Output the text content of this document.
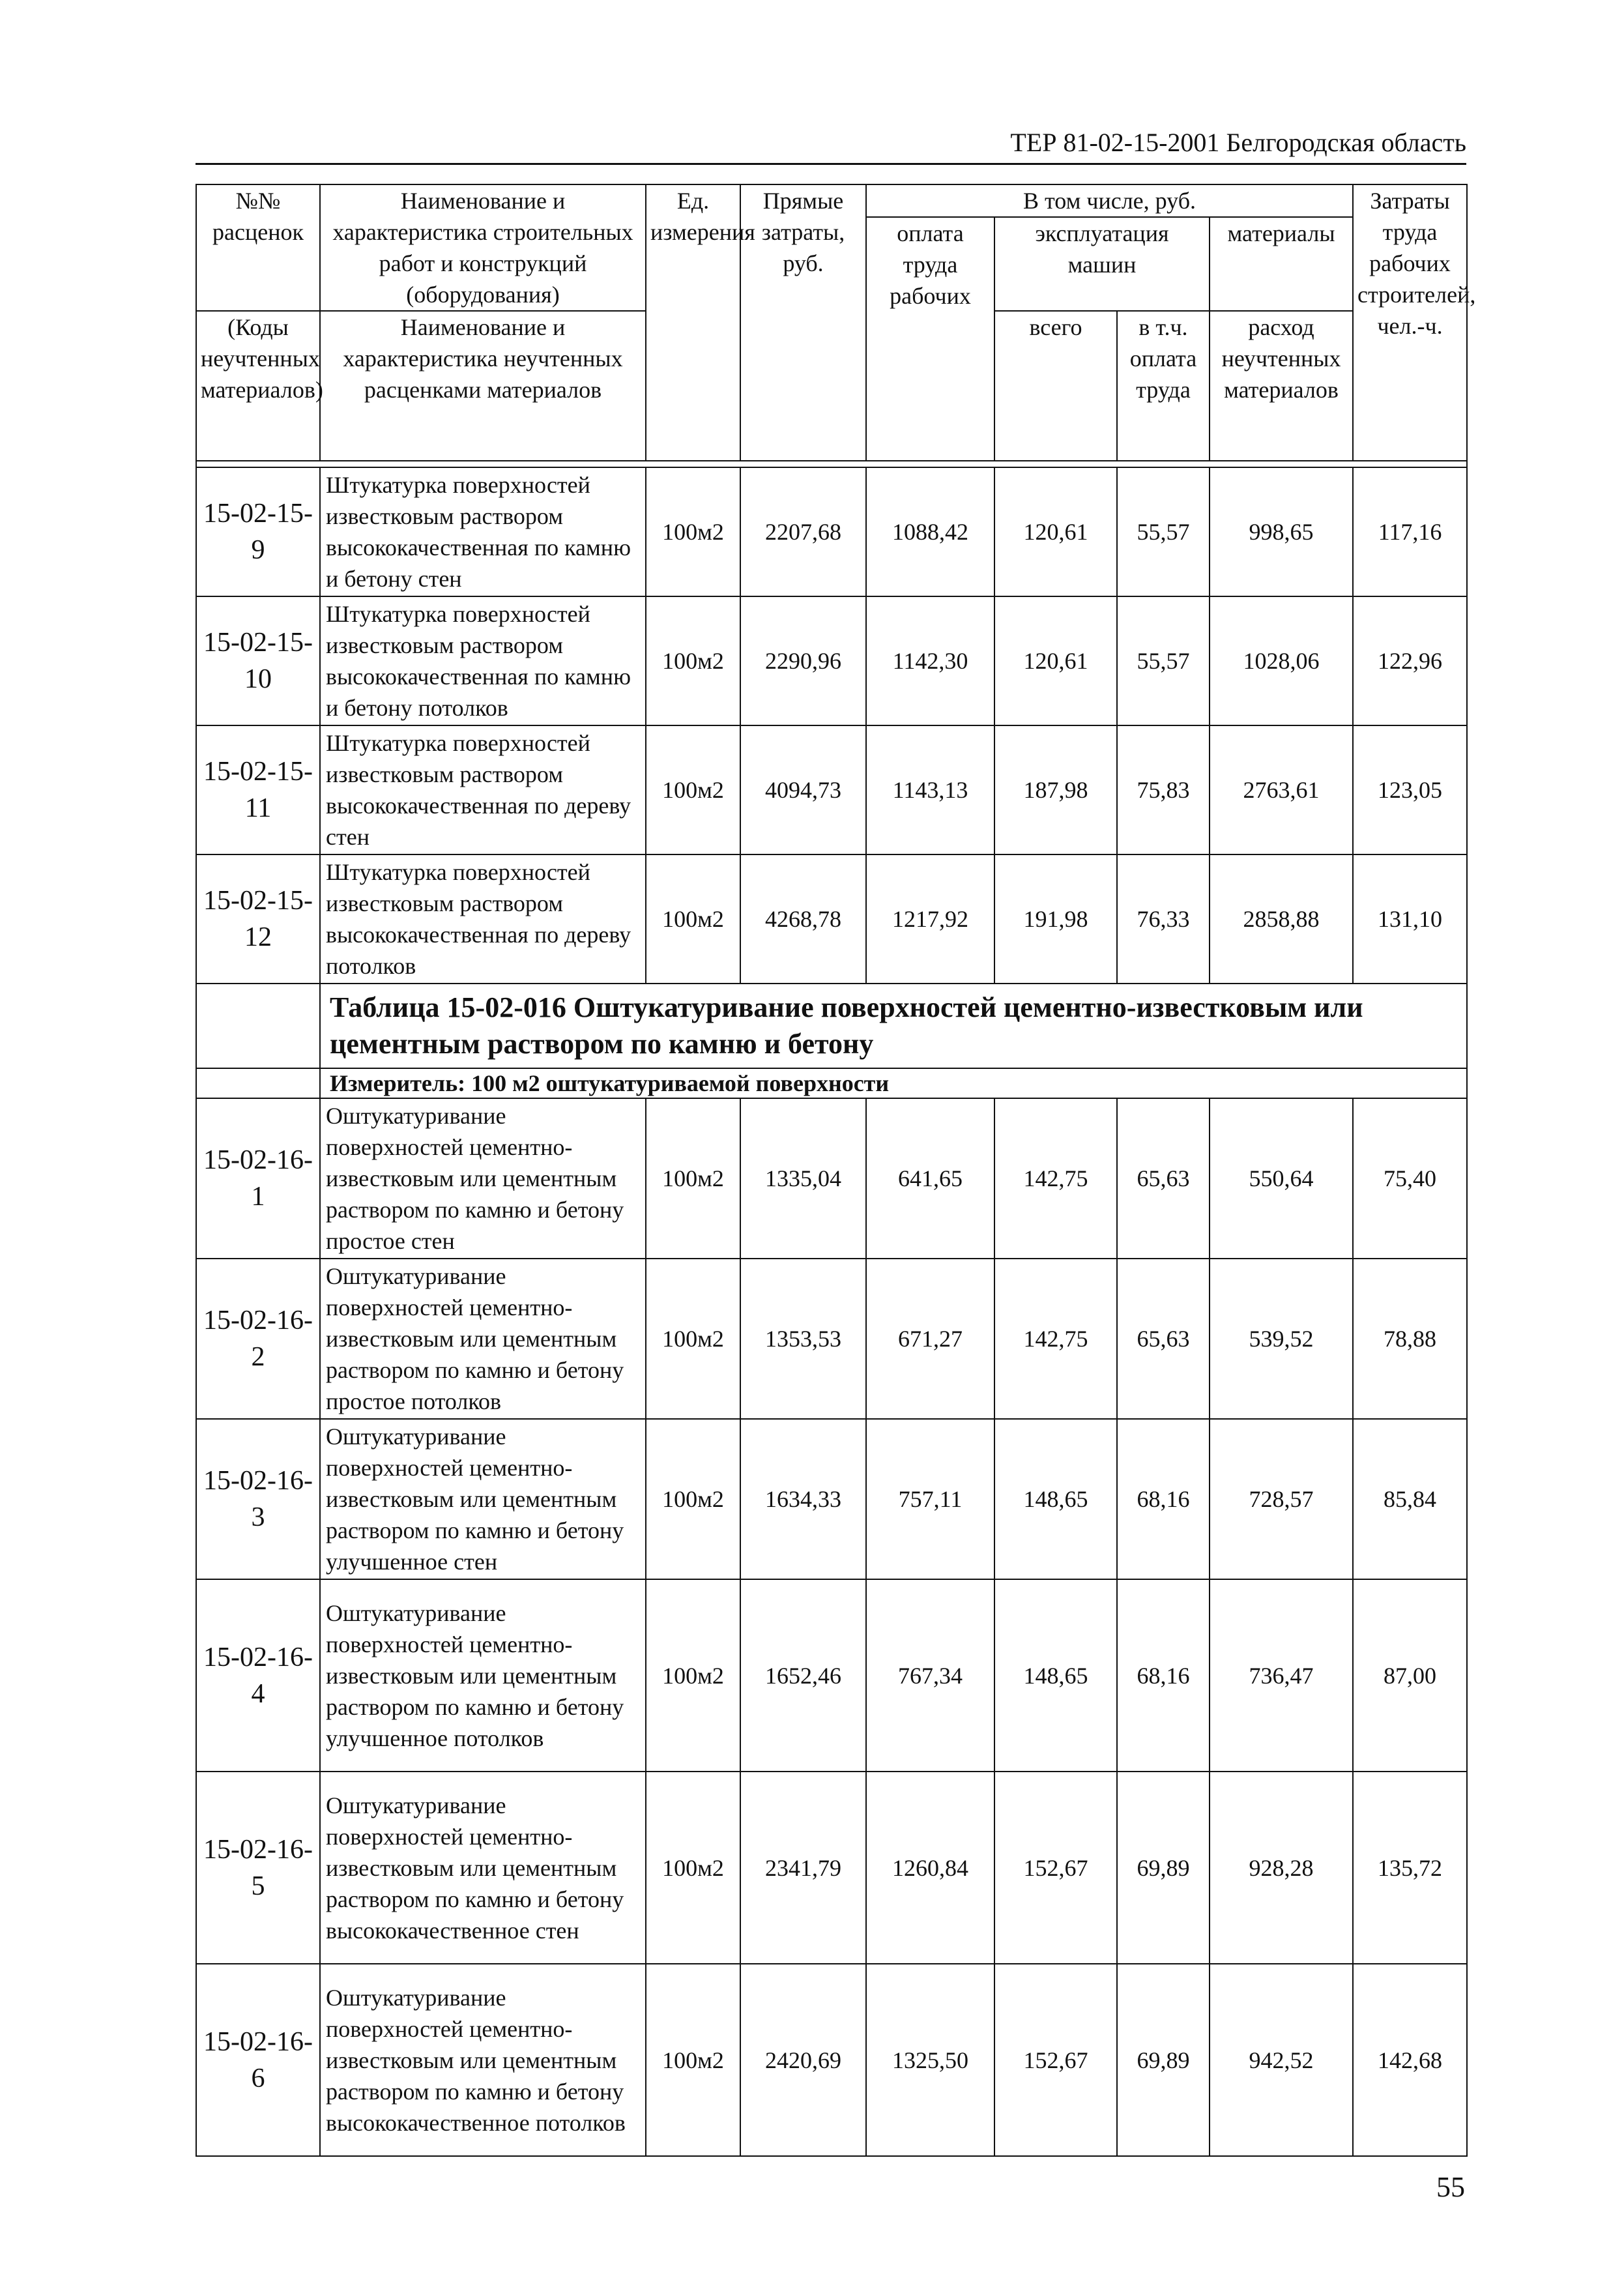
ТЕР 81-02-15-2001 Белгородская область
№№ расценок	Наименование и характеристика строительных работ и конструкций (оборудования)	Ед. измерения	Прямые затраты, руб.	В том числе, руб.				Затраты труда рабочих строителей, чел.-ч.
				оплата труда рабочих	эксплуатация машин		материалы	
(Коды неучтенных материалов)	Наименование и характеристика неучтенных расценками материалов				всего	в т.ч. оплата труда	расход неучтенных материалов	

15-02-15-9	Штукатурка поверхностей известковым раствором высококачественная по камню и бетону стен	100м2	2207,68	1088,42	120,61	55,57	998,65	117,16
15-02-15-10	Штукатурка поверхностей известковым раствором высококачественная по камню и бетону потолков	100м2	2290,96	1142,30	120,61	55,57	1028,06	122,96
15-02-15-11	Штукатурка поверхностей известковым раствором высококачественная по дереву стен	100м2	4094,73	1143,13	187,98	75,83	2763,61	123,05
15-02-15-12	Штукатурка поверхностей известковым раствором высококачественная по дереву потолков	100м2	4268,78	1217,92	191,98	76,33	2858,88	131,10
	Таблица 15-02-016 Оштукатуривание поверхностей цементно-известковым или цементным раствором по камню и бетону							
	Измеритель: 100 м2 оштукатуриваемой поверхности							
15-02-16-1	Оштукатуривание поверхностей цементно-известковым или цементным раствором по камню и бетону простое стен	100м2	1335,04	641,65	142,75	65,63	550,64	75,40
15-02-16-2	Оштукатуривание поверхностей цементно-известковым или цементным раствором по камню и бетону простое потолков	100м2	1353,53	671,27	142,75	65,63	539,52	78,88
15-02-16-3	Оштукатуривание поверхностей цементно-известковым или цементным раствором по камню и бетону улучшенное стен	100м2	1634,33	757,11	148,65	68,16	728,57	85,84
15-02-16-4	Оштукатуривание поверхностей цементно-известковым или цементным раствором по камню и бетону улучшенное потолков	100м2	1652,46	767,34	148,65	68,16	736,47	87,00
15-02-16-5	Оштукатуривание поверхностей цементно-известковым или цементным раствором по камню и бетону высококачественное стен	100м2	2341,79	1260,84	152,67	69,89	928,28	135,72
15-02-16-6	Оштукатуривание поверхностей цементно-известковым или цементным раствором по камню и бетону высококачественное потолков	100м2	2420,69	1325,50	152,67	69,89	942,52	142,68
55
